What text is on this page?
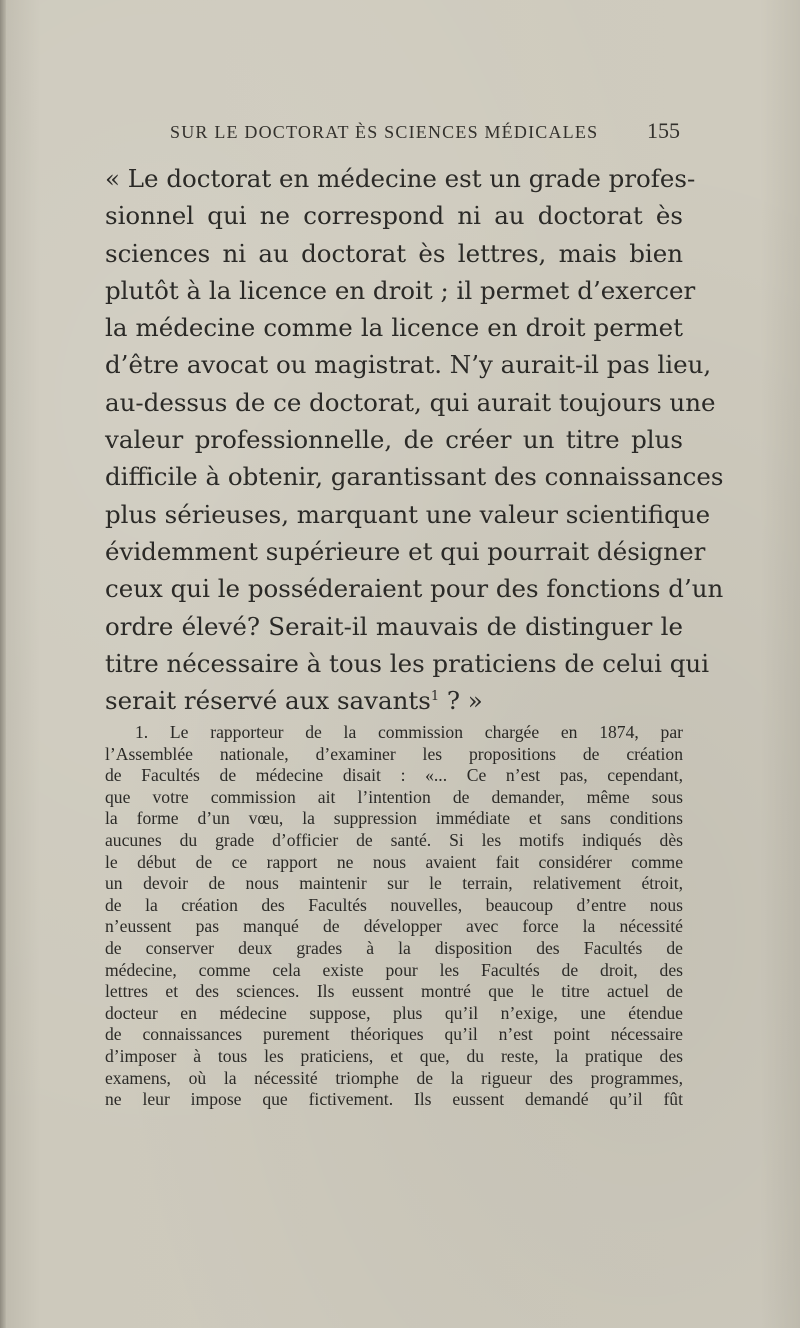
SUR LE DOCTORAT ÈS SCIENCES MÉDICALES 155
« Le doctorat en médecine est un grade profes-
sionnel qui ne correspond ni au doctorat ès
sciences ni au doctorat ès lettres, mais bien
plutôt à la licence en droit ; il permet d’exercer
la médecine comme la licence en droit permet
d’être avocat ou magistrat. N’y aurait-il pas lieu,
au-dessus de ce doctorat, qui aurait toujours une
valeur professionnelle, de créer un titre plus
difficile à obtenir, garantissant des connaissances
plus sérieuses, marquant une valeur scientifique
évidemment supérieure et qui pourrait désigner
ceux qui le posséderaient pour des fonctions d’un
ordre élevé? Serait-il mauvais de distinguer le
titre nécessaire à tous les praticiens de celui qui
serait réservé aux savants$^1$ ? »
1. Le rapporteur de la commission chargée en 1874, par
l’Assemblée nationale, d’examiner les propositions de création
de Facultés de médecine disait : «... Ce n’est pas, cependant,
que votre commission ait l’intention de demander, même sous
la forme d’un vœu, la suppression immédiate et sans conditions
aucunes du grade d’officier de santé. Si les motifs indiqués dès
le début de ce rapport ne nous avaient fait considérer comme
un devoir de nous maintenir sur le terrain, relativement étroit,
de la création des Facultés nouvelles, beaucoup d’entre nous
n’eussent pas manqué de développer avec force la nécessité
de conserver deux grades à la disposition des Facultés de
médecine, comme cela existe pour les Facultés de droit, des
lettres et des sciences. Ils eussent montré que le titre actuel de
docteur en médecine suppose, plus qu’il n’exige, une étendue
de connaissances purement théoriques qu’il n’est point nécessaire
d’imposer à tous les praticiens, et que, du reste, la pratique des
examens, où la nécessité triomphe de la rigueur des programmes,
ne leur impose que fictivement. Ils eussent demandé qu’il fût
